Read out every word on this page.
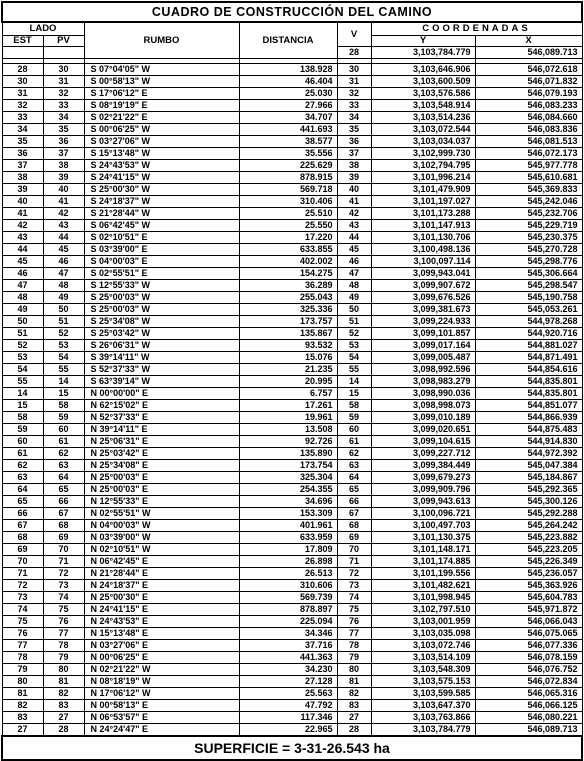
CUADRO DE CONSTRUCCIÓN DEL CAMINO						
LADO		RUMBO	DISTANCIA	V	COORDENADAS	
EST	PV				Y	X
				28	3,103,784.779	546,089.713

28	30	S 07°04'05" W	138.928	30	3,103,646.906	546,072.618
30	31	S 00°58'13" W	46.404	31	3,103,600.509	546,071.832
31	32	S 17°06'12" E	25.030	32	3,103,576.586	546,079.193
32	33	S 08°19'19" E	27.966	33	3,103,548.914	546,083.233
33	34	S 02°21'22" E	34.707	34	3,103,514.236	546,084.660
34	35	S 00°06'25" W	441.693	35	3,103,072.544	546,083.836
35	36	S 03°27'06" W	38.577	36	3,103,034.037	546,081.513
36	37	S 15°13'48" W	35.556	37	3,102,999.730	546,072.173
37	38	S 24°43'53" W	225.629	38	3,102,794.795	545,977.778
38	39	S 24°41'15" W	878.915	39	3,101,996.214	545,610.681
39	40	S 25°00'30" W	569.718	40	3,101,479.909	545,369.833
40	41	S 24°18'37" W	310.406	41	3,101,197.027	545,242.046
41	42	S 21°28'44" W	25.510	42	3,101,173.288	545,232.706
42	43	S 06°42'45" W	25.550	43	3,101,147.913	545,229.719
43	44	S 02°10'51" E	17.220	44	3,101,130.706	545,230.375
44	45	S 03°39'00" E	633.855	45	3,100,498.136	545,270.728
45	46	S 04°00'03" E	402.002	46	3,100,097.114	545,298.776
46	47	S 02°55'51" E	154.275	47	3,099,943.041	545,306.664
47	48	S 12°55'33" W	36.289	48	3,099,907.672	545,298.547
48	49	S 25°00'03" W	255.043	49	3,099,676.526	545,190.758
49	50	S 25°00'03" W	325.336	50	3,099,381.673	545,053.261
50	51	S 25°34'08" W	173.757	51	3,099,224.933	544,978.268
51	52	S 25°03'42" W	135.867	52	3,099,101.857	544,920.716
52	53	S 26°06'31" W	93.532	53	3,099,017.164	544,881.027
53	54	S 39°14'11" W	15.076	54	3,099,005.487	544,871.491
54	55	S 52°37'33" W	21.235	55	3,098,992.596	544,854.616
55	14	S 63°39'14" W	20.995	14	3,098,983.279	544,835.801
14	15	N 00°00'00" E	6.757	15	3,098,990.036	544,835.801
15	58	N 62°15'02" E	17.261	58	3,098,998.073	544,851.077
58	59	N 52°37'33" E	19.961	59	3,099,010.189	544,866.939
59	60	N 39°14'11" E	13.508	60	3,099,020.651	544,875.483
60	61	N 25°06'31" E	92.726	61	3,099,104.615	544,914.830
61	62	N 25°03'42" E	135.890	62	3,099,227.712	544,972.392
62	63	N 25°34'08" E	173.754	63	3,099,384.449	545,047.384
63	64	N 25°00'03" E	325.304	64	3,099,679.273	545,184.867
64	65	N 25°00'03" E	254.355	65	3,099,909.796	545,292.365
65	66	N 12°55'33" E	34.696	66	3,099,943.613	545,300.126
66	67	N 02°55'51" W	153.309	67	3,100,096.721	545,292.288
67	68	N 04°00'03" W	401.961	68	3,100,497.703	545,264.242
68	69	N 03°39'00" W	633.959	69	3,101,130.375	545,223.882
69	70	N 02°10'51" W	17.809	70	3,101,148.171	545,223.205
70	71	N 06°42'45" E	26.898	71	3,101,174.885	545,226.349
71	72	N 21°28'44" E	26.513	72	3,101,199.556	545,236.057
72	73	N 24°18'37" E	310.606	73	3,101,482.621	545,363.926
73	74	N 25°00'30" E	569.739	74	3,101,998.945	545,604.783
74	75	N 24°41'15" E	878.897	75	3,102,797.510	545,971.872
75	76	N 24°43'53" E	225.094	76	3,103,001.959	546,066.043
76	77	N 15°13'48" E	34.346	77	3,103,035.098	546,075.065
77	78	N 03°27'06" E	37.716	78	3,103,072.746	546,077.336
78	79	N 00°06'25" E	441.363	79	3,103,514.109	546,078.159
79	80	N 02°21'22" W	34.230	80	3,103,548.309	546,076.752
80	81	N 08°18'19" W	27.128	81	3,103,575.153	546,072.834
81	82	N 17°06'12" W	25.563	82	3,103,599.585	546,065.316
82	83	N 00°58'13" E	47.792	83	3,103,647.370	546,066.125
83	27	N 06°53'57" E	117.346	27	3,103,763.866	546,080.221
27	28	N 24°24'47" E	22.965	28	3,103,784.779	546,089.713
SUPERFICIE = 3-31-26.543 ha						
